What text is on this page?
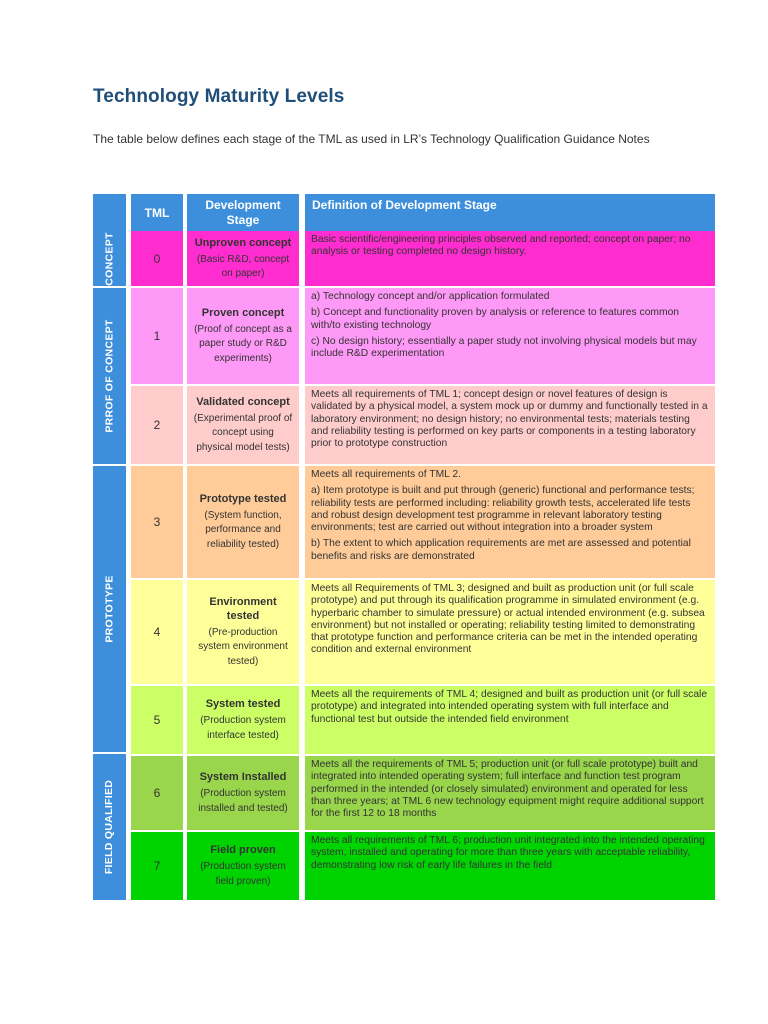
Technology Maturity Levels
The table below defines each stage of the TML as used in LR’s Technology Qualification Guidance Notes
TML
Development Stage
Definition of Development Stage
CONCEPT
PRROF OF CONCEPT
PROTOTYPE
FIELD QUALIFIED
0
Unproven concept
(Basic R&D, concept on paper)

Basic scientific/engineering principles observed and reported; concept on paper; no analysis or testing completed no design history.

1
Proven concept
(Proof of concept as a paper study or R&D experiments)

a) Technology concept and/or application formulated

b) Concept and functionality proven by analysis or reference to features common with/to existing technology

c) No design history; essentially a paper study not involving physical models but may include R&D experimentation

2
Validated concept
(Experimental proof of concept using physical model tests)

Meets all requirements of TML 1; concept design or novel features of design is validated by a physical model, a system mock up or dummy and functionally tested in a laboratory environment; no design history; no environmental tests; materials testing and reliability testing is performed on key parts or components in a testing laboratory prior to prototype construction

3
Prototype tested
(System function, performance and reliability tested)

Meets all requirements of TML 2.

a) Item prototype is built and put through (generic) functional and performance tests; reliability tests are performed including: reliability growth tests, accelerated life tests and robust design development test programme in relevant laboratory testing environments; test are carried out without integration into a broader system

b) The extent to which application requirements are met are assessed and potential benefits and risks are demonstrated

4
Environment tested
(Pre-production system environment tested)

Meets all Requirements of TML 3; designed and built as production unit (or full scale prototype) and put through its qualification programme in simulated environment (e.g. hyperbaric chamber to simulate pressure) or actual intended environment (e.g. subsea environment) but not installed or operating; reliability testing limited to demonstrating that prototype function and performance criteria can be met in the intended operating condition and external environment

5
System tested
(Production system interface tested)

Meets all the requirements of TML 4; designed and built as production unit (or full scale prototype) and integrated into intended operating system with full interface and functional test but outside the intended field environment

6
System Installed
(Production system installed and tested)

Meets all the requirements of TML 5; production unit (or full scale prototype) built and integrated into intended operating system; full interface and function test program performed in the intended (or closely simulated) environment and operated for less than three years; at TML 6 new technology equipment might require additional support for the first 12 to 18 months

7
Field proven
(Production system field proven)

Meets all requirements of TML 6; production unit integrated into the intended operating system, installed and operating for more than three years with acceptable reliability, demonstrating low risk of early life failures in the field
